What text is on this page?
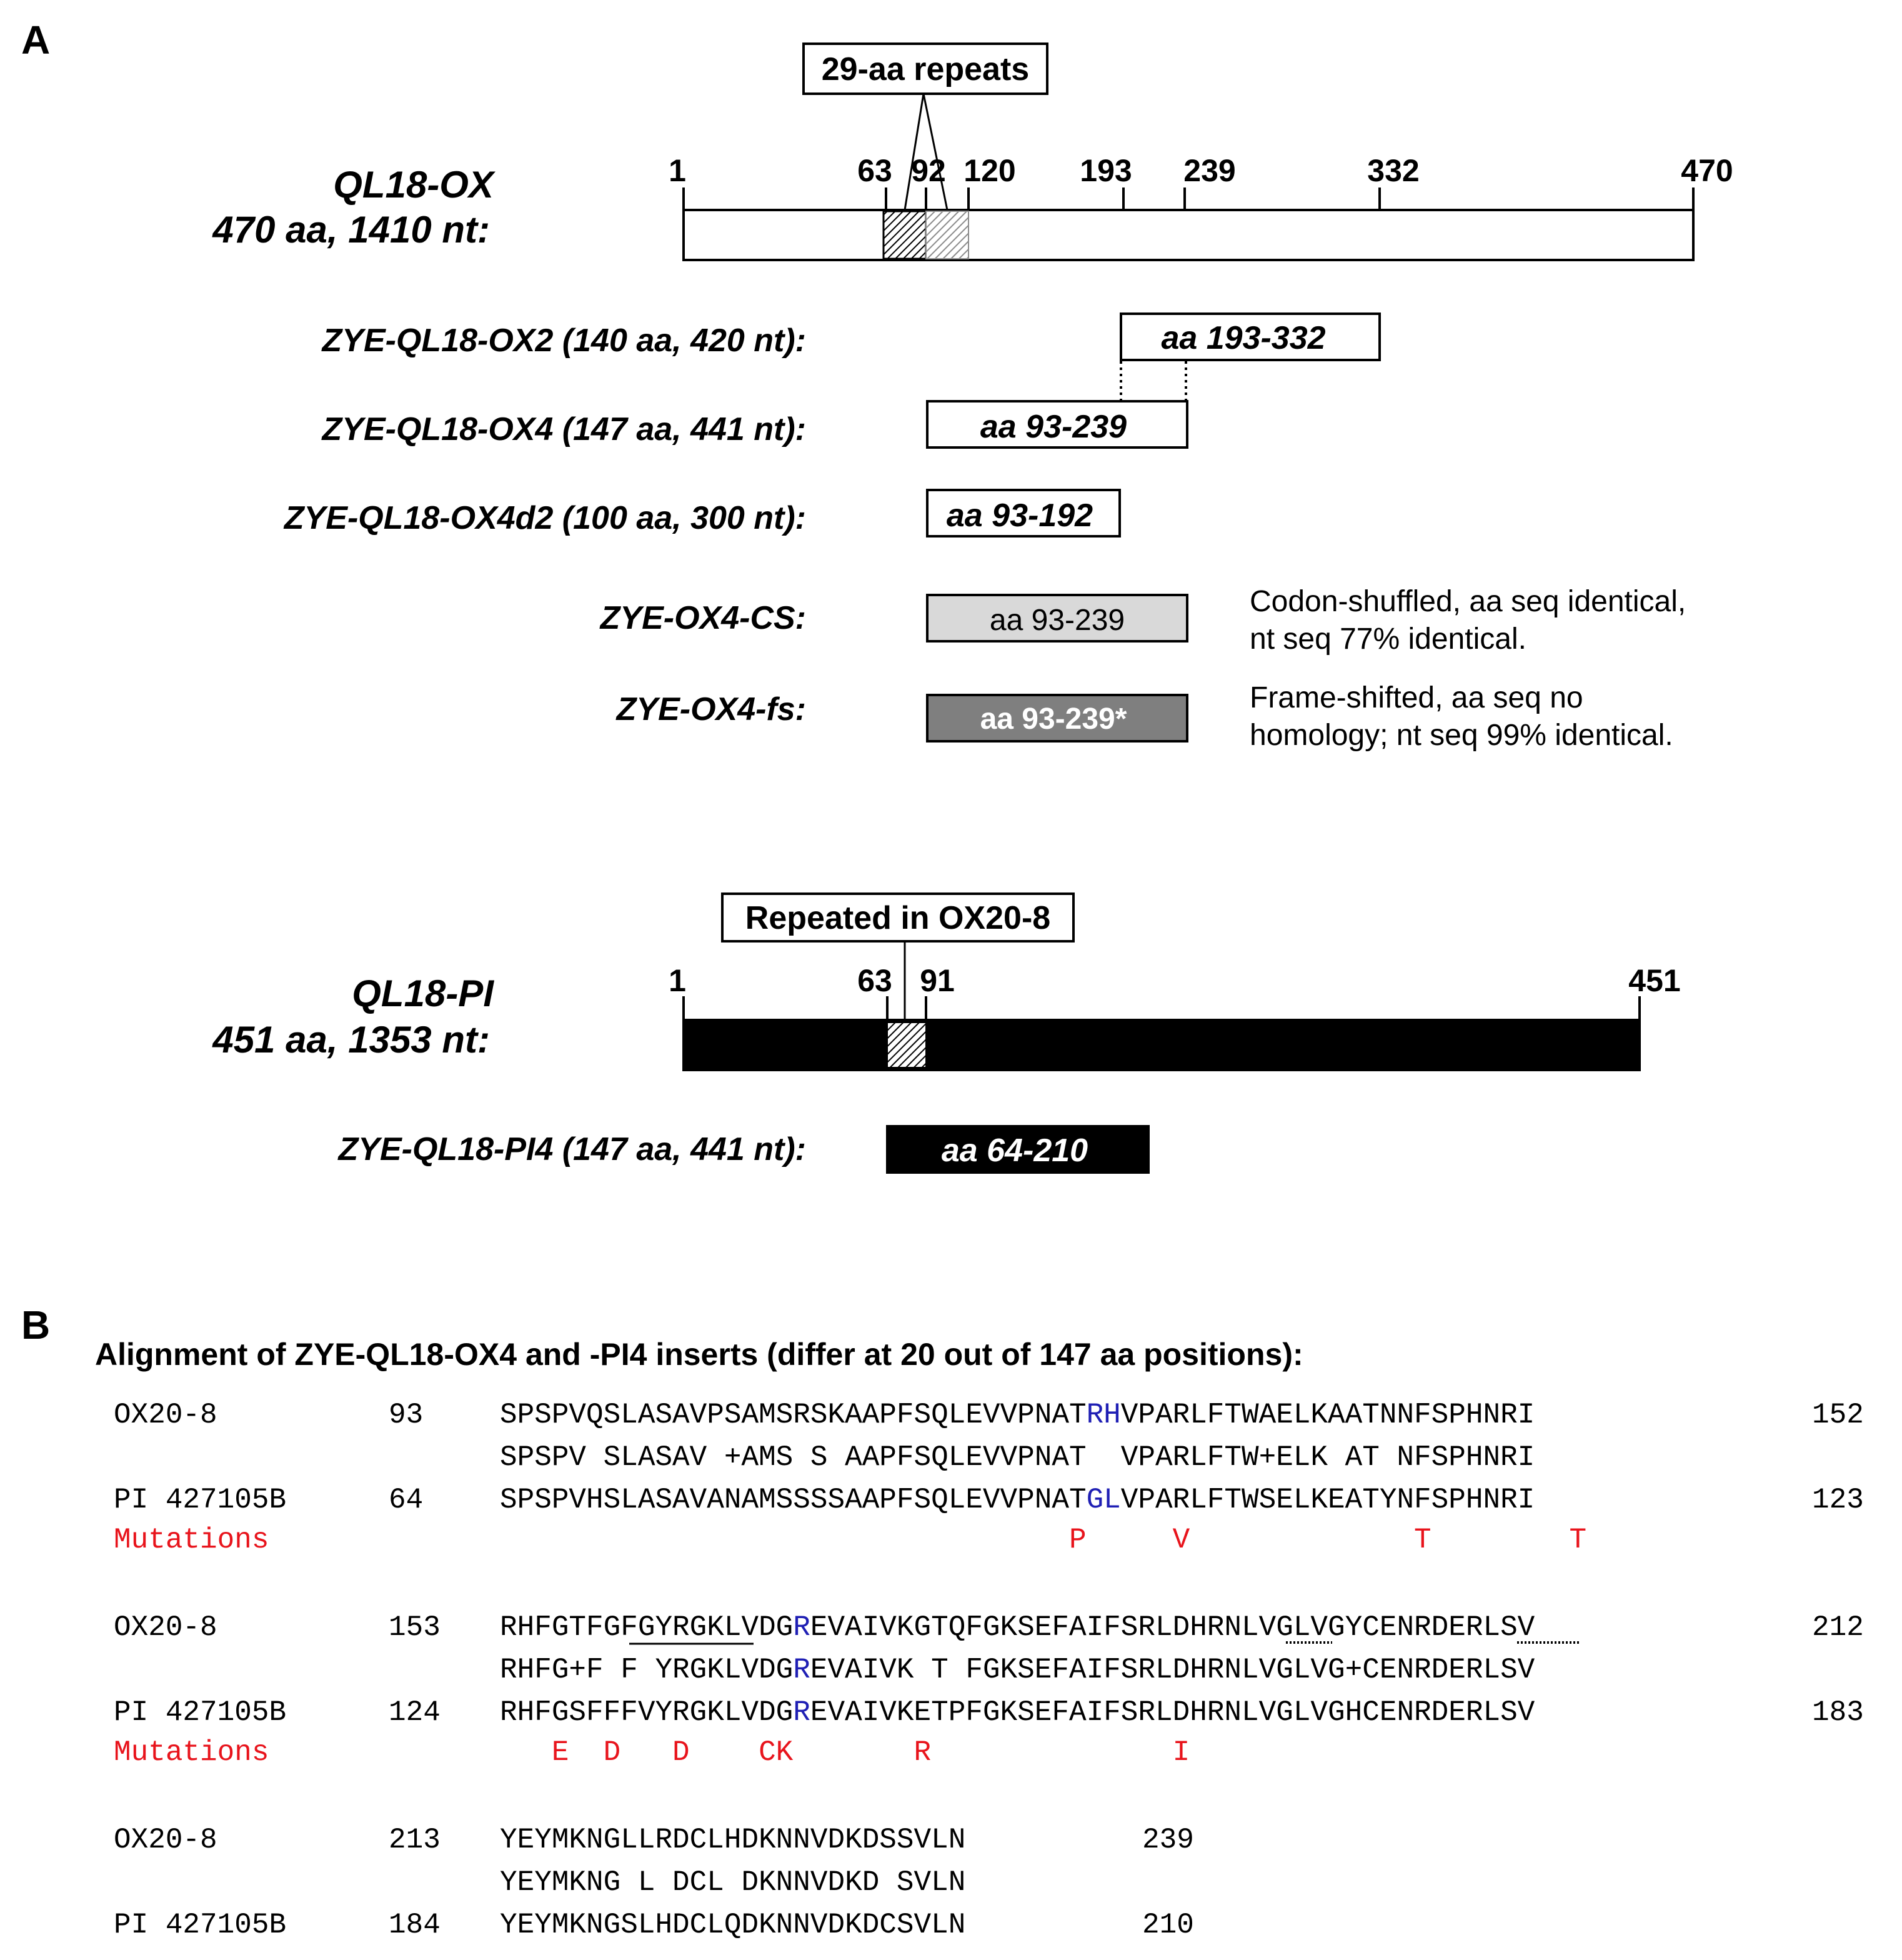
A
QL18-OX
470 aa, 1410 nt:
29-aa repeats
1	63 92 120 193 239	332	470
ZYE-QL18-OX2 (140 aa, 420 nt):	aa 193-332
ZYE-QL18-OX4 (147 aa, 441 nt):	aa 93-239
ZYE-QL18-OX4d2 (100 aa, 300 nt):	aa 93-192
ZYE-OX4-CS:	aa 93-239
Codon-shuffled, aa seq identical,
nt seq 77% identical.
ZYE-OX4-fs:	aa 93-239*
Frame-shifted, aa seq no
homology; nt seq 99% identical.
Repeated in OX20-8
QL18-PI
451 aa, 1353 nt:
1	63 91	451
ZYE-QL18-PI4 (147 aa, 441 nt):	aa 64-210
B
Alignment of ZYE-QL18-OX4 and -PI4 inserts (differ at 20 out of 147 aa positions):
OX20-8	93	SPSPVQSLASAVPSAMSRSKAAPFSQLEVVPNATRHVPARLFTWAELKAATNNFSPHNRI	152
SPSPV SLASAV +AMS S AAPFSQLEVVPNAT  VPARLFTW+ELK AT NFSPHNRI
PI 427105B	64	SPSPVHSLASAVANAMSSSSAAPFSQLEVVPNATGLVPARLFTWSELKEATYNFSPHNRI	123
Mutations	P     V             T        T
OX20-8	153 RHFGTFGFGYRGKLVDGREVAIVKGTQFGKSEFAIFSRLDHRNLVGLVGYCENRDERLSV	212
RHFG+F F YRGKLVDGREVAIVK T FGKSEFAIFSRLDHRNLVGLVG+CENRDERLSV
PI 427105B	124 RHFGSFFFVYRGKLVDGREVAIVKETPFGKSEFAIFSRLDHRNLVGLVGHCENRDERLSV	183
Mutations	E  D   D    CK       R              I
OX20-8	213 YEYMKNGLLRDCLHDKNNVDKDSSVLN	239
YEYMKNG L DCL DKNNVDKD SVLN
PI 427105B	184 YEYMKNGSLHDCLQDKNNVDKDCSVLN	210
